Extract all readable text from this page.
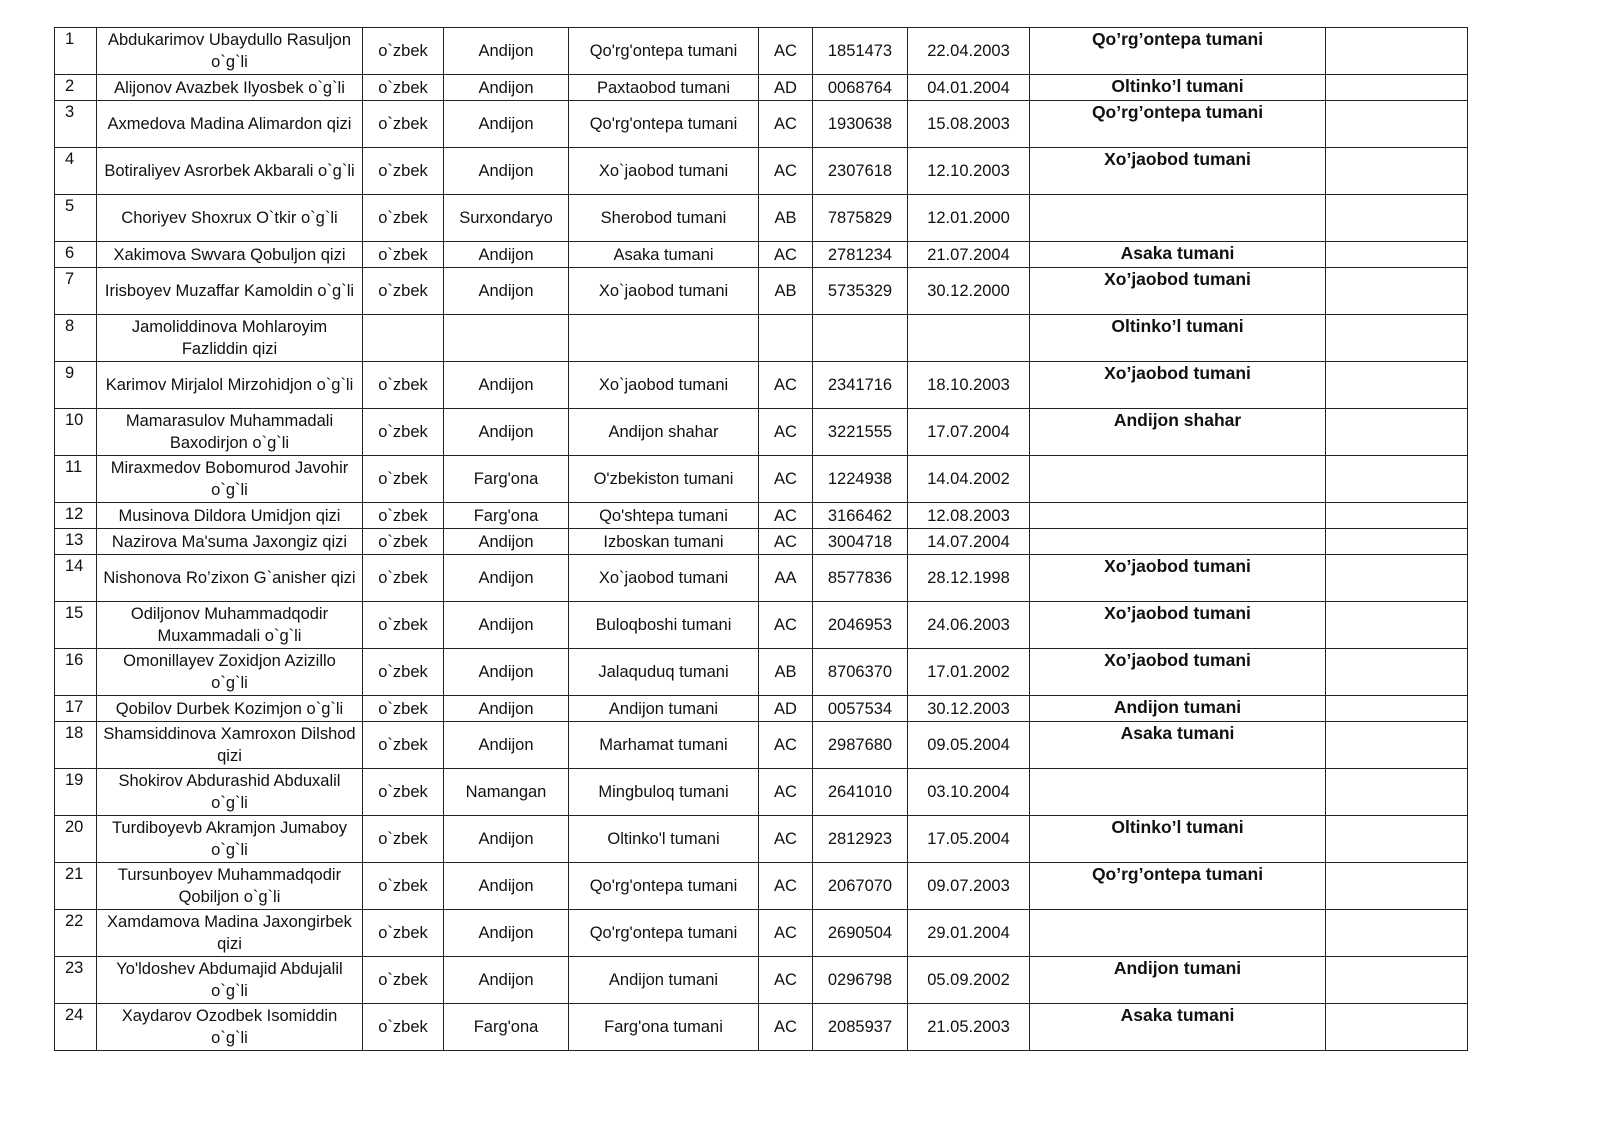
1	Abdukarimov Ubaydullo Rasuljon o`g`li	o`zbek	Andijon	Qo'rg'ontepa tumani	AC	1851473	22.04.2003	Qo’rg’ontepa tumani	
2	Alijonov Avazbek Ilyosbek o`g`li	o`zbek	Andijon	Paxtaobod tumani	AD	0068764	04.01.2004	Oltinko’l tumani	
3	Axmedova Madina Alimardon qizi	o`zbek	Andijon	Qo'rg'ontepa tumani	AC	1930638	15.08.2003	Qo’rg’ontepa tumani	
4	Botiraliyev Asrorbek Akbarali o`g`li	o`zbek	Andijon	Xo`jaobod tumani	AC	2307618	12.10.2003	Xo’jaobod tumani	
5	Choriyev Shoxrux O`tkir o`g`li	o`zbek	Surxondaryo	Sherobod tumani	AB	7875829	12.01.2000		
6	Xakimova Swvara Qobuljon qizi	o`zbek	Andijon	Asaka tumani	AC	2781234	21.07.2004	Asaka tumani	
7	Irisboyev Muzaffar Kamoldin o`g`li	o`zbek	Andijon	Xo`jaobod tumani	AB	5735329	30.12.2000	Xo’jaobod tumani	
8	Jamoliddinova Mohlaroyim Fazliddin qizi							Oltinko’l tumani	
9	Karimov Mirjalol Mirzohidjon o`g`li	o`zbek	Andijon	Xo`jaobod tumani	AC	2341716	18.10.2003	Xo’jaobod tumani	
10	Mamarasulov Muhammadali Baxodirjon o`g`li	o`zbek	Andijon	Andijon shahar	AC	3221555	17.07.2004	Andijon shahar	
11	Miraxmedov Bobomurod Javohir o`g`li	o`zbek	Farg'ona	O'zbekiston tumani	AC	1224938	14.04.2002		
12	Musinova Dildora Umidjon qizi	o`zbek	Farg'ona	Qo'shtepa tumani	AC	3166462	12.08.2003		
13	Nazirova Ma'suma Jaxongiz qizi	o`zbek	Andijon	Izboskan tumani	AC	3004718	14.07.2004		
14	Nishonova Ro’zixon G`anisher qizi	o`zbek	Andijon	Xo`jaobod tumani	AA	8577836	28.12.1998	Xo’jaobod tumani	
15	Odiljonov Muhammadqodir Muxammadali o`g`li	o`zbek	Andijon	Buloqboshi tumani	AC	2046953	24.06.2003	Xo’jaobod tumani	
16	Omonillayev Zoxidjon Azizillo o`g`li	o`zbek	Andijon	Jalaquduq tumani	AB	8706370	17.01.2002	Xo’jaobod tumani	
17	Qobilov Durbek Kozimjon o`g`li	o`zbek	Andijon	Andijon tumani	AD	0057534	30.12.2003	Andijon tumani	
18	Shamsiddinova Xamroxon Dilshod qizi	o`zbek	Andijon	Marhamat tumani	AC	2987680	09.05.2004	Asaka tumani	
19	Shokirov Abdurashid Abduxalil o`g`li	o`zbek	Namangan	Mingbuloq tumani	AC	2641010	03.10.2004		
20	Turdiboyevb Akramjon Jumaboy o`g`li	o`zbek	Andijon	Oltinko'l tumani	AC	2812923	17.05.2004	Oltinko’l tumani	
21	Tursunboyev Muhammadqodir Qobiljon o`g`li	o`zbek	Andijon	Qo'rg'ontepa tumani	AC	2067070	09.07.2003	Qo’rg’ontepa tumani	
22	Xamdamova Madina Jaxongirbek qizi	o`zbek	Andijon	Qo'rg'ontepa tumani	AC	2690504	29.01.2004		
23	Yo'ldoshev Abdumajid Abdujalil o`g`li	o`zbek	Andijon	Andijon tumani	AC	0296798	05.09.2002	Andijon tumani	
24	Xaydarov Ozodbek Isomiddin o`g`li	o`zbek	Farg'ona	Farg'ona tumani	AC	2085937	21.05.2003	Asaka tumani	
